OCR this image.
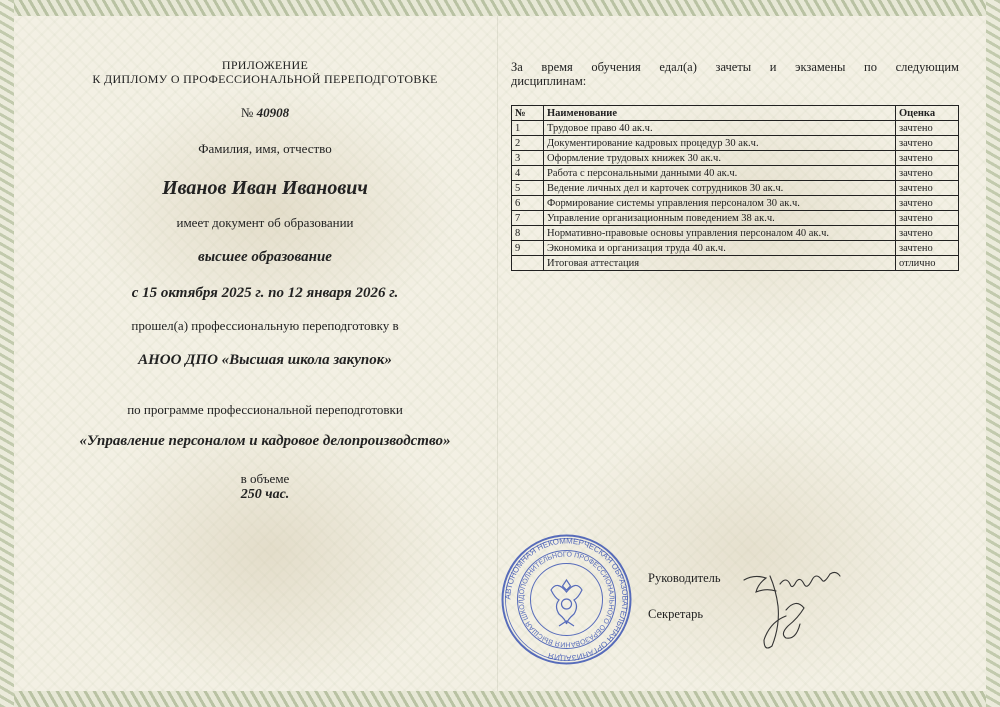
ПРИЛОЖЕНИЕ
К ДИПЛОМУ О ПРОФЕССИОНАЛЬНОЙ ПЕРЕПОДГОТОВКЕ
№ 40908
Фамилия, имя, отчество
Иванов Иван Иванович
имеет документ об образовании
высшее образование
с 15 октября 2025 г. по 12 января 2026 г.
прошел(а) профессиональную переподготовку в
АНОО ДПО «Высшая школа закупок»
по программе профессиональной переподготовки
«Управление персоналом и кадровое делопроизводство»
в объеме
250 час.
За время обучения едал(а) зачеты и экзамены по следующим
дисциплинам:
№	Наименование	Оценка
1	Трудовое право 40 ак.ч.	зачтено
2	Документирование кадровых процедур 30 ак.ч.	зачтено
3	Оформление трудовых книжек 30 ак.ч.	зачтено
4	Работа с персональными данными 40 ак.ч.	зачтено
5	Ведение личных дел и карточек сотрудников 30 ак.ч.	зачтено
6	Формирование системы управления персоналом 30 ак.ч.	зачтено
7	Управление организационным поведением 38 ак.ч.	зачтено
8	Нормативно-правовые основы управления персоналом 40 ак.ч.	зачтено
9	Экономика и организация труда 40 ак.ч.	зачтено
	Итоговая аттестация	отлично
АВТОНОМНАЯ НЕКОММЕРЧЕСКАЯ ОБРАЗОВАТЕЛЬНАЯ ОРГАНИЗАЦИЯ
ДОПОЛНИТЕЛЬНОГО ПРОФЕССИОНАЛЬНОГО ОБРАЗОВАНИЯ ВЫСШАЯ ШКОЛ
Руководитель
Секретарь
